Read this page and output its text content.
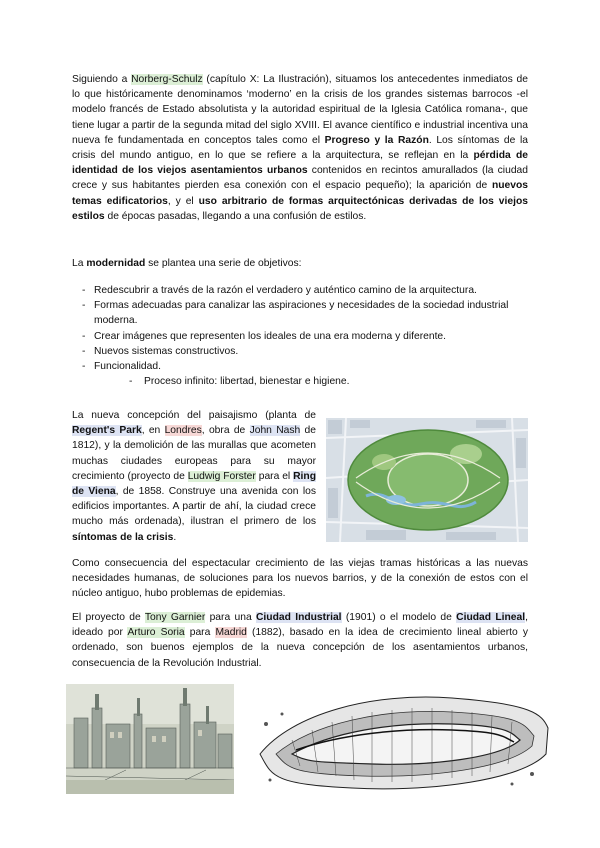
Siguiendo a Norberg-Schulz (capítulo X: La Ilustración), situamos los antecedentes inmediatos de lo que históricamente denominamos ‘moderno’ en la crisis de los grandes sistemas barrocos -el modelo francés de Estado absolutista y la autoridad espiritual de la Iglesia Católica romana-, que tiene lugar a partir de la segunda mitad del siglo XVIII. El avance científico e industrial incentiva una nueva fe fundamentada en conceptos tales como el Progreso y la Razón. Los síntomas de la crisis del mundo antiguo, en lo que se refiere a la arquitectura, se reflejan en la pérdida de identidad de los viejos asentamientos urbanos contenidos en recintos amurallados (la ciudad crece y sus habitantes pierden esa conexión con el espacio pequeño); la aparición de nuevos temas edificatorios, y el uso arbitrario de formas arquitectónicas derivadas de los viejos estilos de épocas pasadas, llegando a una confusión de estilos.

La modernidad se plantea una serie de objetivos:

- Redescubrir a través de la razón el verdadero y auténtico camino de la arquitectura.
- Formas adecuadas para canalizar las aspiraciones y necesidades de la sociedad industrial moderna.
- Crear imágenes que representen los ideales de una era moderna y diferente.
- Nuevos sistemas constructivos.
- Funcionalidad.
- Proceso infinito: libertad, bienestar e higiene.

La nueva concepción del paisajismo (planta de Regent's Park, en Londres, obra de John Nash de 1812), y la demolición de las murallas que acometen muchas ciudades europeas para su mayor crecimiento (proyecto de Ludwig Forster para el Ring de Viena, de 1858. Construye una avenida con los edificios importantes. A partir de ahí, la ciudad crece mucho más ordenada), ilustran el primero de los síntomas de la crisis.

Como consecuencia del espectacular crecimiento de las viejas tramas históricas a las nuevas necesidades humanas, de soluciones para los nuevos barrios, y de la conexión de estos con el núcleo antiguo, hubo problemas de epidemias.

El proyecto de Tony Garnier para una Ciudad Industrial (1901) o el modelo de Ciudad Lineal, ideado por Arturo Soria para Madrid (1882), basado en la idea de crecimiento lineal abierto y ordenado, son buenos ejemplos de la nueva concepción de los asentamientos urbanos, consecuencia de la Revolución Industrial.
